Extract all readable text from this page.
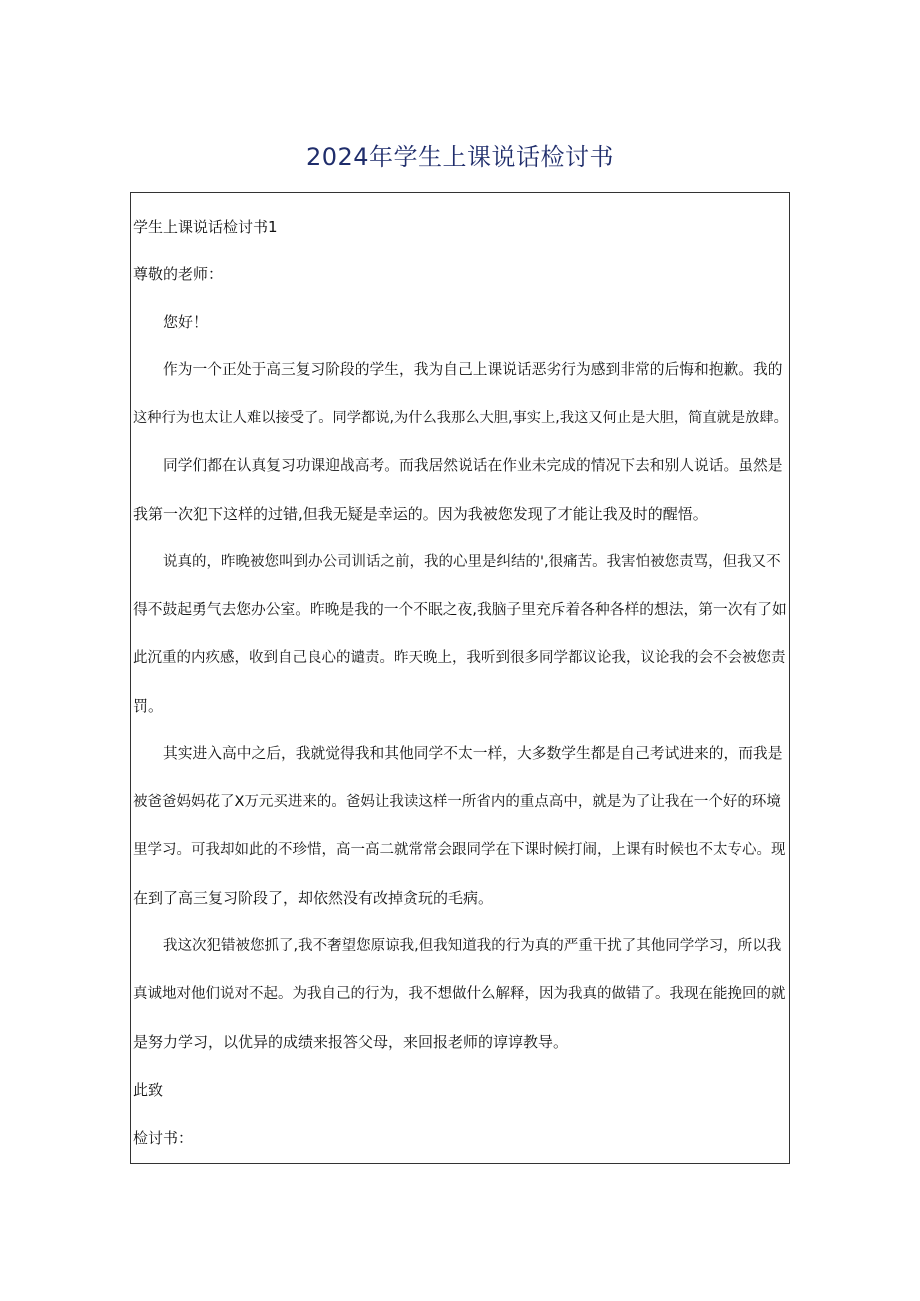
2024年学生上课说话检讨书
学生上课说话检讨书1
尊敬的老师：
您好！
作为一个正处于高三复习阶段的学生，我为自己上课说话恶劣行为感到非常的后悔和抱歉。我的
这种行为也太让人难以接受了。同学都说,为什么我那么大胆,事实上,我这又何止是大胆，简直就是放肆。
同学们都在认真复习功课迎战高考。而我居然说话在作业未完成的情况下去和别人说话。虽然是
我第一次犯下这样的过错,但我无疑是幸运的。因为我被您发现了才能让我及时的醒悟。
说真的，昨晚被您叫到办公司训话之前，我的心里是纠结的',很痛苦。我害怕被您责骂，但我又不
得不鼓起勇气去您办公室。昨晚是我的一个不眠之夜,我脑子里充斥着各种各样的想法，第一次有了如
此沉重的内疚感，收到自己良心的谴责。昨天晚上，我听到很多同学都议论我，议论我的会不会被您责
罚。
其实进入高中之后，我就觉得我和其他同学不太一样，大多数学生都是自己考试进来的，而我是
被爸爸妈妈花了X万元买进来的。爸妈让我读这样一所省内的重点高中，就是为了让我在一个好的环境
里学习。可我却如此的不珍惜，高一高二就常常会跟同学在下课时候打闹，上课有时候也不太专心。现
在到了高三复习阶段了，却依然没有改掉贪玩的毛病。
我这次犯错被您抓了,我不奢望您原谅我,但我知道我的行为真的严重干扰了其他同学学习，所以我
真诚地对他们说对不起。为我自己的行为，我不想做什么解释，因为我真的做错了。我现在能挽回的就
是努力学习，以优异的成绩来报答父母，来回报老师的谆谆教导。
此致
检讨书：
